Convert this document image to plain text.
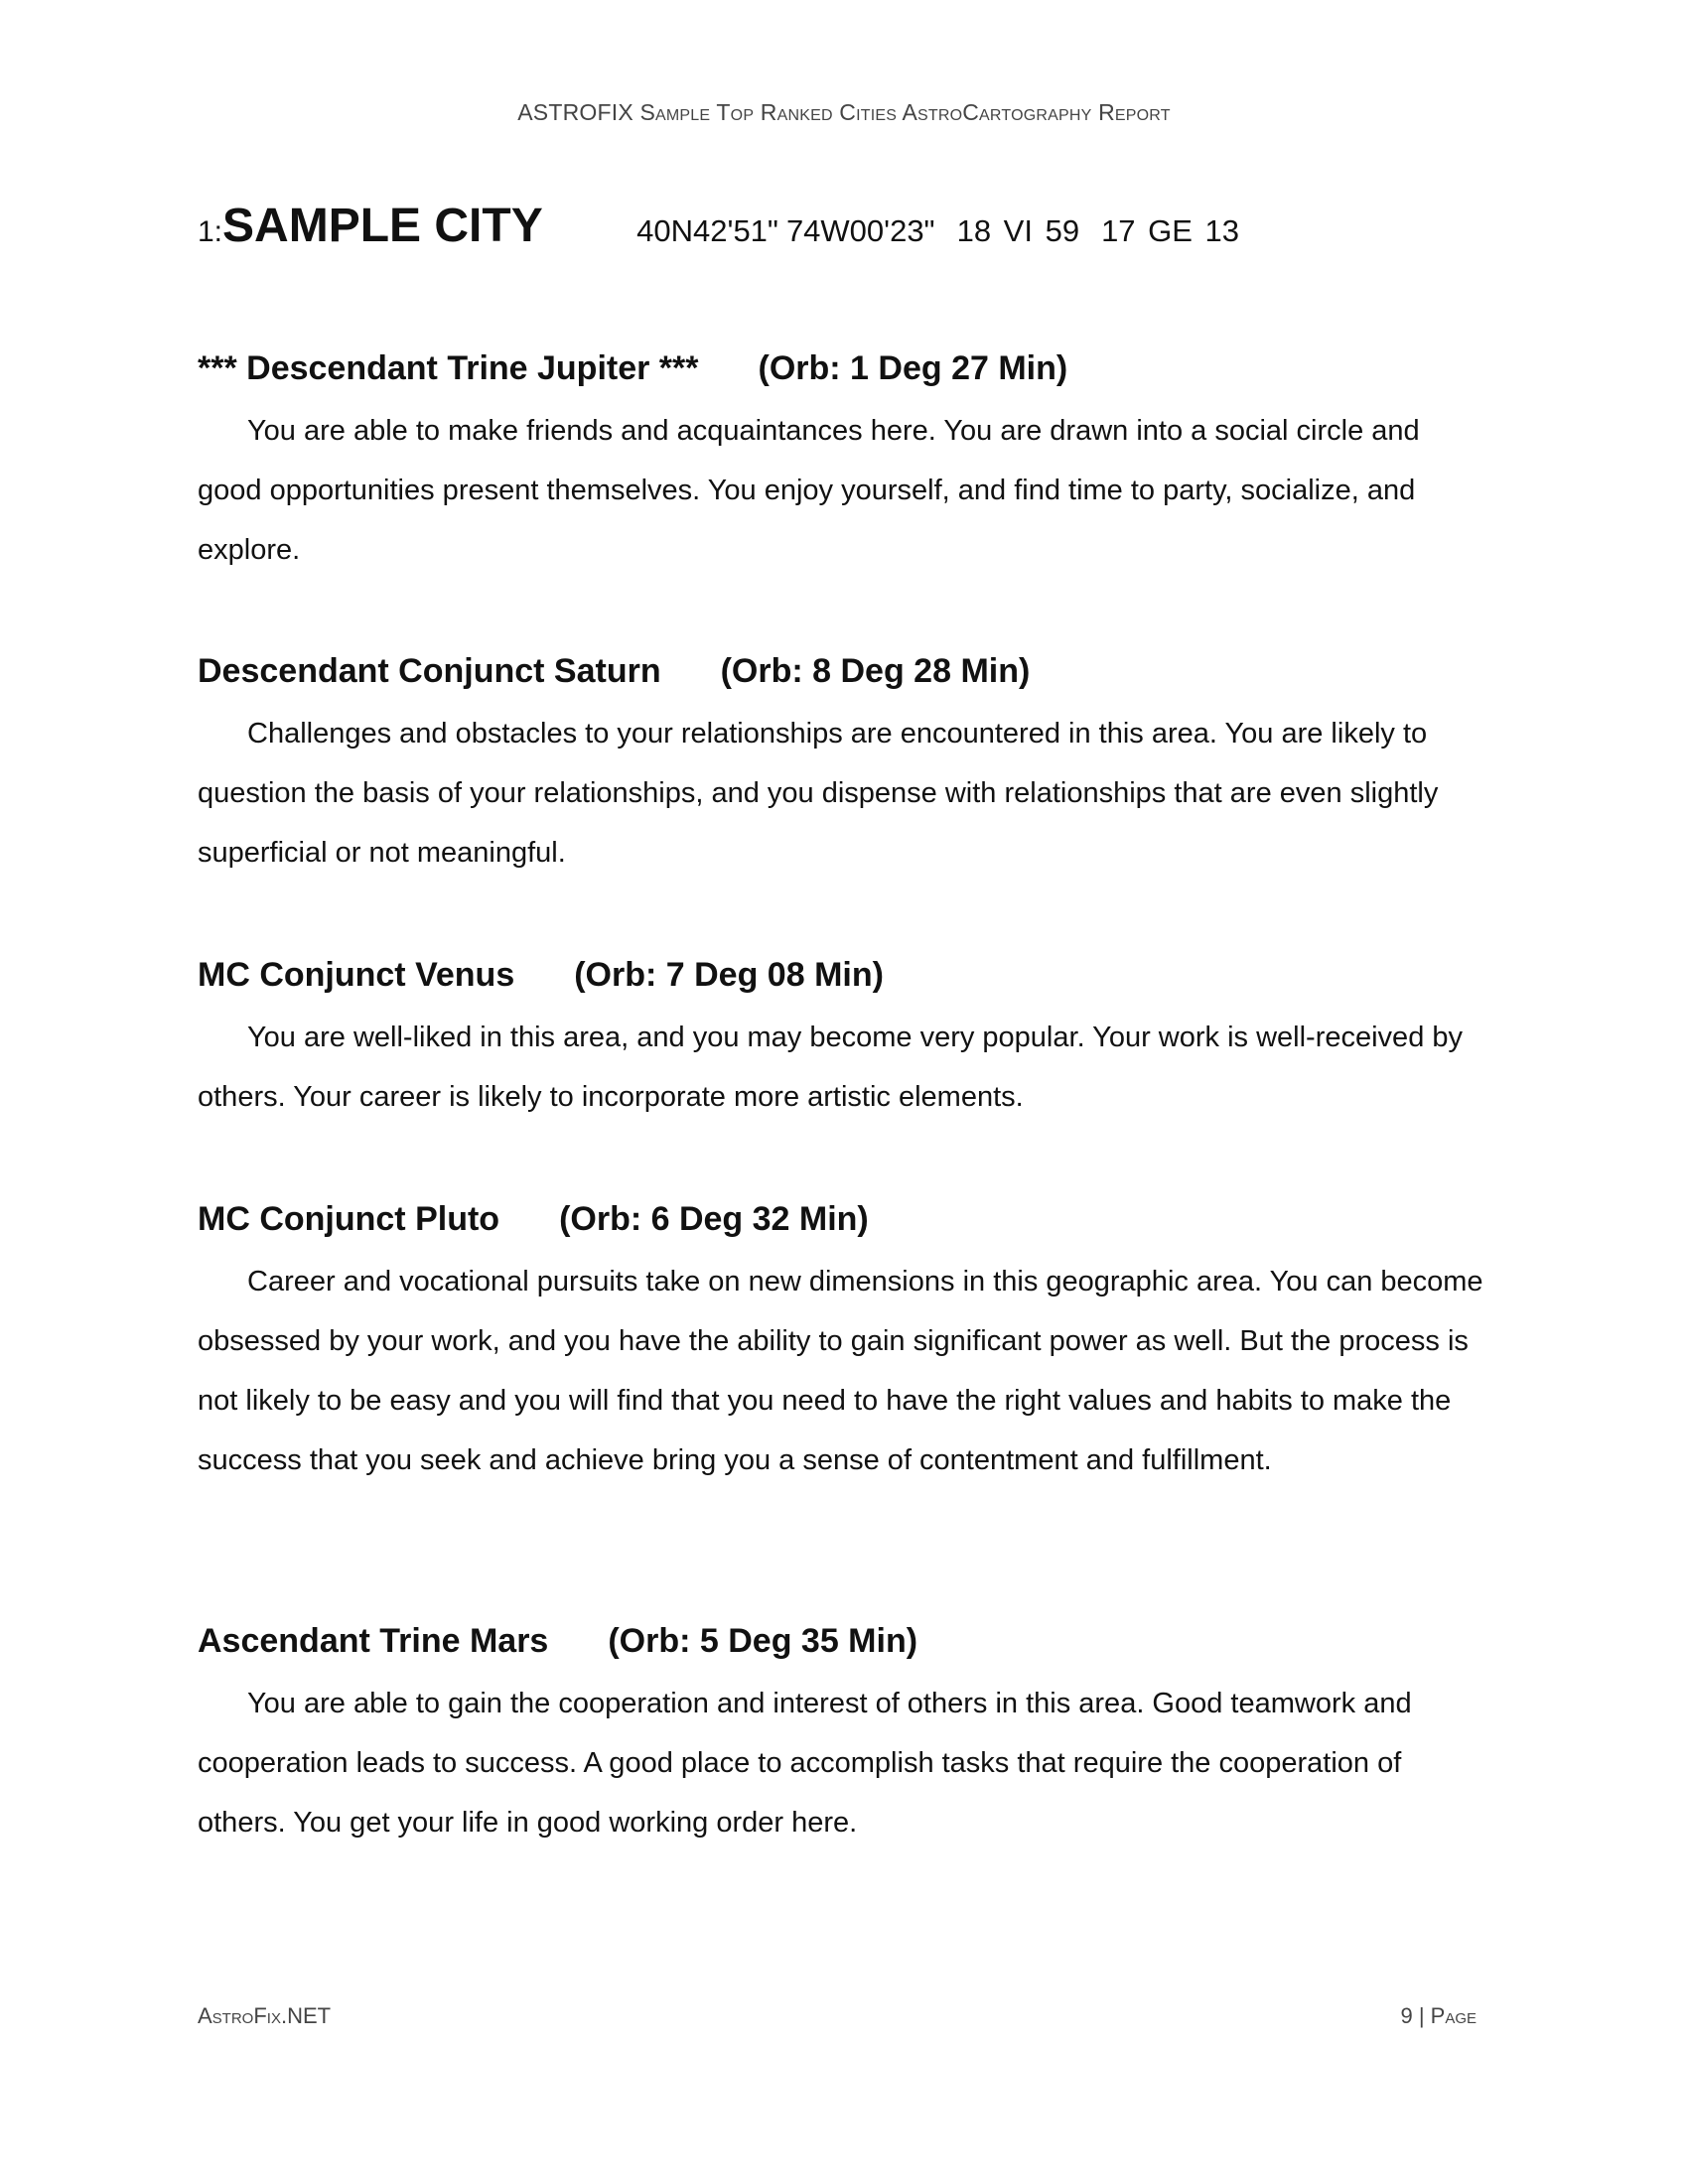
ASTROFIX Sample Top Ranked Cities AstroCartography Report
1:SAMPLE CITY	40N42'51" 74W00'23" 18 VI 59 17 GE 13
*** Descendant Trine Jupiter *** (Orb: 1 Deg 27 Min)

You are able to make friends and acquaintances here. You are drawn into a social circle and good opportunities present themselves. You enjoy yourself, and find time to party, socialize, and explore.

Descendant Conjunct Saturn (Orb: 8 Deg 28 Min)

Challenges and obstacles to your relationships are encountered in this area. You are likely to question the basis of your relationships, and you dispense with relationships that are even slightly superficial or not meaningful.

MC Conjunct Venus (Orb: 7 Deg 08 Min)

You are well-liked in this area, and you may become very popular. Your work is well-received by others. Your career is likely to incorporate more artistic elements.

MC Conjunct Pluto (Orb: 6 Deg 32 Min)

Career and vocational pursuits take on new dimensions in this geographic area. You can become obsessed by your work, and you have the ability to gain significant power as well. But the process is not likely to be easy and you will find that you need to have the right values and habits to make the success that you seek and achieve bring you a sense of contentment and fulfillment.

Ascendant Trine Mars (Orb: 5 Deg 35 Min)

You are able to gain the cooperation and interest of others in this area. Good teamwork and cooperation leads to success. A good place to accomplish tasks that require the cooperation of others. You get your life in good working order here.

AstroFix.NET	9 | Page
